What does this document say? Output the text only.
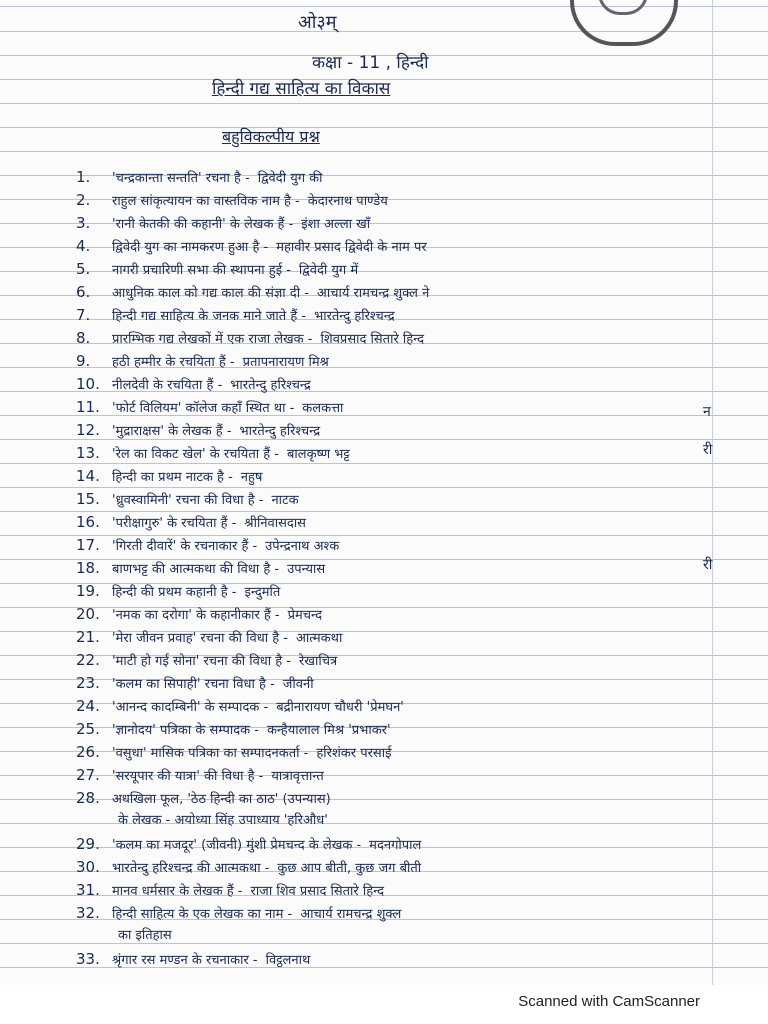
ओ३म्
कक्षा - 11 , हिन्दी
हिन्दी गद्य साहित्य का विकास
बहुविकल्पीय प्रश्न
1. 'चन्द्रकान्ता सन्तति' रचना है - द्विवेदी युग की
2. राहुल सांकृत्यायन का वास्तविक नाम है - केदारनाथ पाण्डेय
3. 'रानी केतकी की कहानी' के लेखक हैं - इंशा अल्ला खाँ
4. द्विवेदी युग का नामकरण हुआ है - महावीर प्रसाद द्विवेदी के नाम पर
5. नागरी प्रचारिणी सभा की स्थापना हुई - द्विवेदी युग में
6. आधुनिक काल को गद्य काल की संज्ञा दी - आचार्य रामचन्द्र शुक्ल ने
7. हिन्दी गद्य साहित्य के जनक माने जाते हैं - भारतेन्दु हरिश्चन्द्र
8. प्रारम्भिक गद्य लेखकों में एक राजा लेखक - शिवप्रसाद सितारे हिन्द
9. हठी हम्मीर के रचयिता हैं - प्रतापनारायण मिश्र
10. नीलदेवी के रचयिता हैं - भारतेन्दु हरिश्चन्द्र
11. 'फोर्ट विलियम' कॉलेज कहाँ स्थित था - कलकत्ता
12. 'मुद्राराक्षस' के लेखक हैं - भारतेन्दु हरिश्चन्द्र
13. 'रेल का विकट खेल' के रचयिता हैं - बालकृष्ण भट्ट
14. हिन्दी का प्रथम नाटक है - नहुष
15. 'ध्रुवस्वामिनी' रचना की विधा है - नाटक
16. 'परीक्षागुरु' के रचयिता हैं - श्रीनिवासदास
17. 'गिरती दीवारें' के रचनाकार हैं - उपेन्द्रनाथ अश्क
18. बाणभट्ट की आत्मकथा की विधा है - उपन्यास
19. हिन्दी की प्रथम कहानी है - इन्दुमति
20. 'नमक का दरोगा' के कहानीकार हैं - प्रेमचन्द
21. 'मेरा जीवन प्रवाह' रचना की विधा है - आत्मकथा
22. 'माटी हो गई सोना' रचना की विधा है - रेखाचित्र
23. 'कलम का सिपाही' रचना विधा है - जीवनी
24. 'आनन्द कादम्बिनी' के सम्पादक - बद्रीनारायण चौधरी 'प्रेमघन'
25. 'ज्ञानोदय' पत्रिका के सम्पादक - कन्हैयालाल मिश्र 'प्रभाकर'
26. 'वसुधा' मासिक पत्रिका का सम्पादनकर्ता - हरिशंकर परसाई
27. 'सरयूपार की यात्रा' की विधा है - यात्रावृत्तान्त
28. अधखिला फूल, 'ठेठ हिन्दी का ठाठ' (उपन्यास)
के लेखक - अयोध्या सिंह उपाध्याय 'हरिऔध'
29. 'कलम का मजदूर' (जीवनी) मुंशी प्रेमचन्द के लेखक - मदनगोपाल
30. भारतेन्दु हरिश्चन्द्र की आत्मकथा - कुछ आप बीती, कुछ जग बीती
31. मानव धर्मसार के लेखक हैं - राजा शिव प्रसाद सितारे हिन्द
32. हिन्दी साहित्य के एक लेखक का नाम - आचार्य रामचन्द्र शुक्ल
का इतिहास
33. श्रृंगार रस मण्डन के रचनाकार - विट्ठलनाथ
न
री
री
Scanned with CamScanner
